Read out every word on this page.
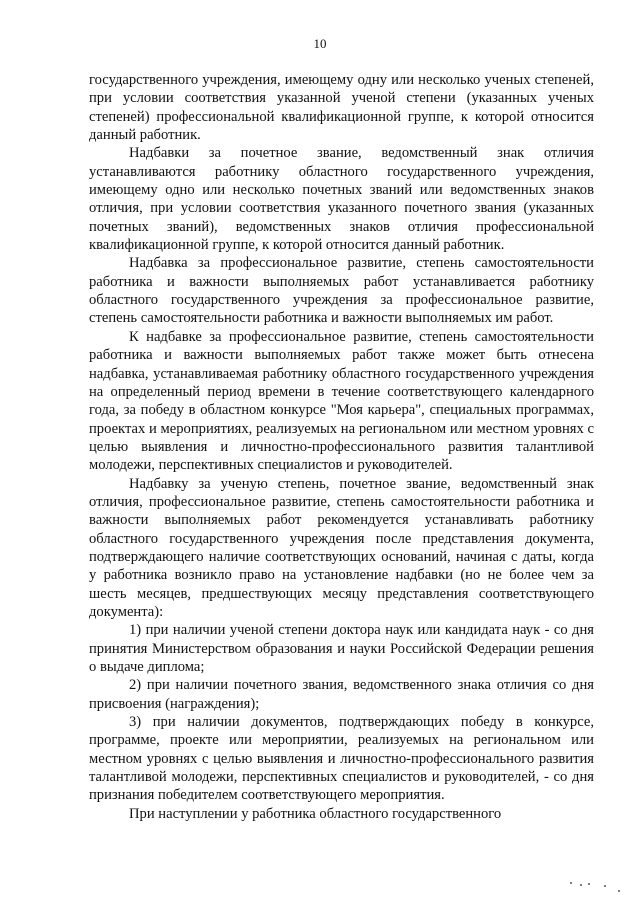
10

государственного учреждения, имеющему одну или несколько ученых степеней, при условии соответствия указанной ученой степени (указанных ученых степеней) профессиональной квалификационной группе, к которой относится данный работник.

Надбавки за почетное звание, ведомственный знак отличия устанавливаются работнику областного государственного учреждения, имеющему одно или несколько почетных званий или ведомственных знаков отличия, при условии соответствия указанного почетного звания (указанных почетных званий), ведомственных знаков отличия профессиональной квалификационной группе, к которой относится данный работник.

Надбавка за профессиональное развитие, степень самостоятельности работника и важности выполняемых работ устанавливается работнику областного государственного учреждения за профессиональное развитие, степень самостоятельности работника и важности выполняемых им работ.

К надбавке за профессиональное развитие, степень самостоятельности работника и важности выполняемых работ также может быть отнесена надбавка, устанавливаемая работнику областного государственного учреждения на определенный период времени в течение соответствующего календарного года, за победу в областном конкурсе "Моя карьера", специальных программах, проектах и мероприятиях, реализуемых на региональном или местном уровнях с целью выявления и личностно-профессионального развития талантливой молодежи, перспективных специалистов и руководителей.

Надбавку за ученую степень, почетное звание, ведомственный знак отличия, профессиональное развитие, степень самостоятельности работника и важности выполняемых работ рекомендуется устанавливать работнику областного государственного учреждения после представления документа, подтверждающего наличие соответствующих оснований, начиная с даты, когда у работника возникло право на установление надбавки (но не более чем за шесть месяцев, предшествующих месяцу представления соответствующего документа):

1) при наличии ученой степени доктора наук или кандидата наук - со дня принятия Министерством образования и науки Российской Федерации решения о выдаче диплома;

2) при наличии почетного звания, ведомственного знака отличия со дня присвоения (награждения);

3) при наличии документов, подтверждающих победу в конкурсе, программе, проекте или мероприятии, реализуемых на региональном или местном уровнях с целью выявления и личностно-профессионального развития талантливой молодежи, перспективных специалистов и руководителей, - со дня признания победителем соответствующего мероприятия.

При наступлении у работника областного государственного
